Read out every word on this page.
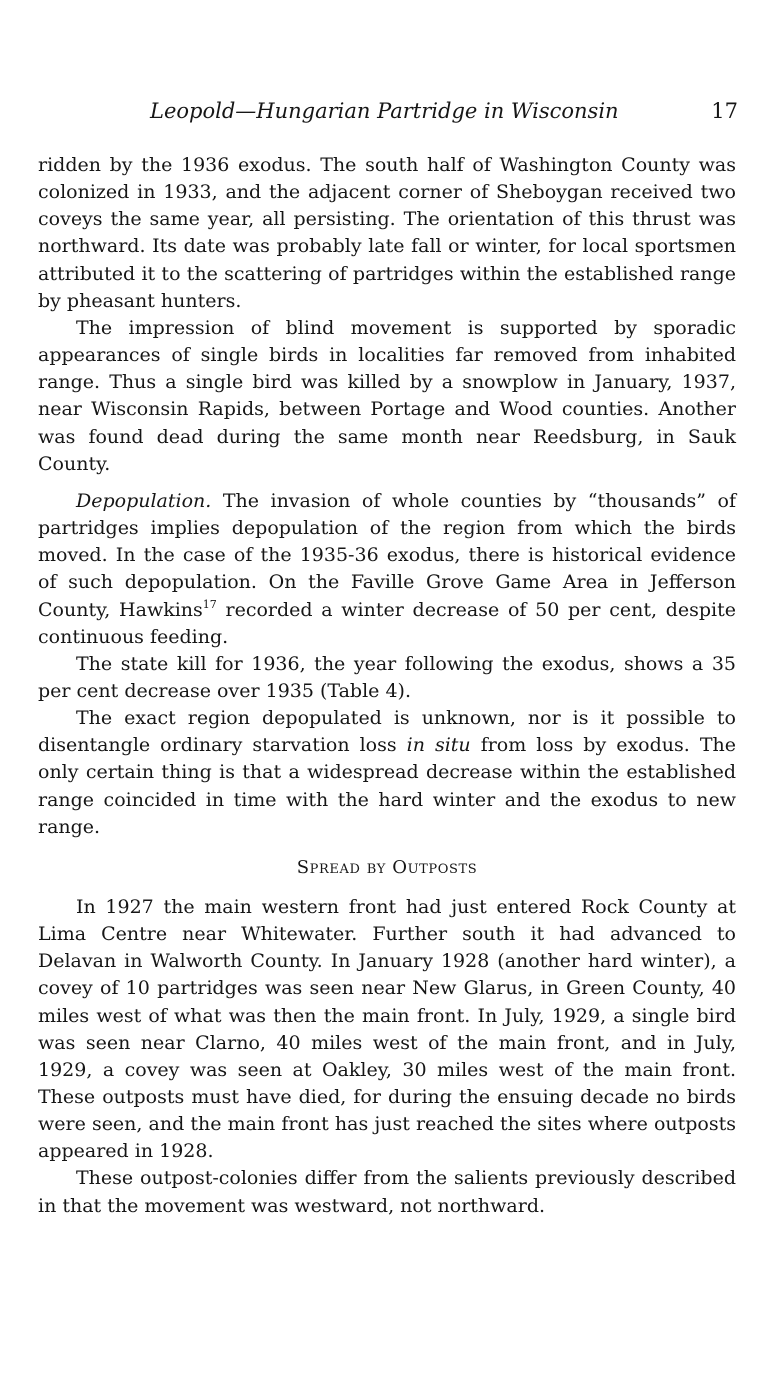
Leopold—Hungarian Partridge in Wisconsin	17

ridden by the 1936 exodus. The south half of Washington County was colonized in 1933, and the adjacent corner of Sheboygan received two coveys the same year, all persisting. The orientation of this thrust was northward. Its date was probably late fall or winter, for local sportsmen attributed it to the scattering of partridges within the established range by pheasant hunters.

The impression of blind movement is supported by sporadic appearances of single birds in localities far removed from inhabited range. Thus a single bird was killed by a snowplow in January, 1937, near Wisconsin Rapids, between Portage and Wood counties. Another was found dead during the same month near Reedsburg, in Sauk County.

Depopulation. The invasion of whole counties by “thousands” of partridges implies depopulation of the region from which the birds moved. In the case of the 1935-36 exodus, there is historical evidence of such depopulation. On the Faville Grove Game Area in Jefferson County, Hawkins$^{17}$ recorded a winter decrease of 50 per cent, despite continuous feeding.

The state kill for 1936, the year following the exodus, shows a 35 per cent decrease over 1935 (Table 4).

The exact region depopulated is unknown, nor is it possible to disentangle ordinary starvation loss in situ from loss by exodus. The only certain thing is that a widespread decrease within the established range coincided in time with the hard winter and the exodus to new range.

Spread by Outposts

In 1927 the main western front had just entered Rock County at Lima Centre near Whitewater. Further south it had advanced to Delavan in Walworth County. In January 1928 (another hard winter), a covey of 10 partridges was seen near New Glarus, in Green County, 40 miles west of what was then the main front. In July, 1929, a single bird was seen near Clarno, 40 miles west of the main front, and in July, 1929, a covey was seen at Oakley, 30 miles west of the main front. These outposts must have died, for during the ensuing decade no birds were seen, and the main front has just reached the sites where outposts appeared in 1928.

These outpost-colonies differ from the salients previously described in that the movement was westward, not northward.
